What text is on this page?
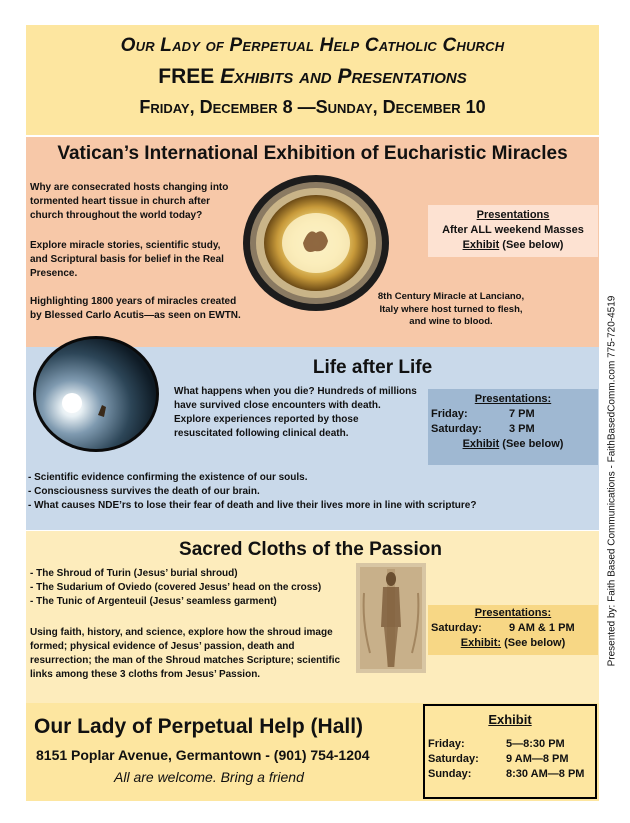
Our Lady of Perpetual Help Catholic Church
FREE Exhibits and Presentations
Friday, December 8 —Sunday, December 10
Vatican’s International Exhibition of Eucharistic Miracles
Why are consecrated hosts changing into tormented heart tissue in church after church throughout the world today?
Explore miracle stories, scientific study, and Scriptural basis for belief in the Real Presence.
Highlighting 1800 years of miracles created by Blessed Carlo Acutis—as seen on EWTN.
8th Century Miracle at Lanciano, Italy where host turned to flesh, and wine to blood.
Presentations
After ALL weekend Masses
Exhibit (See below)
Life after Life
What happens when you die? Hundreds of millions have survived close encounters with death. Explore experiences reported by those resuscitated following clinical death.
Presentations:
Friday:	7 PM
Saturday:	3 PM
Exhibit (See below)
- Scientific evidence confirming the existence of our souls.
- Consciousness survives the death of our brain.
- What causes NDE’rs to lose their fear of death and live their lives more in line with scripture?
Sacred Cloths of the Passion
- The Shroud of Turin (Jesus’ burial shroud)
- The Sudarium of Oviedo (covered Jesus’ head on the cross)
- The Tunic of Argenteuil (Jesus’ seamless garment)
Using faith, history, and science, explore how the shroud image formed; physical evidence of Jesus’ passion, death and resurrection; the man of the Shroud matches Scripture; scientific links among these 3 cloths from Jesus’ Passion.
Presentations:
Saturday:	9 AM & 1 PM
Exhibit: (See below)
Our Lady of Perpetual Help (Hall)
8151 Poplar Avenue, Germantown - (901) 754-1204
All are welcome. Bring a friend
Exhibit
Friday:	5—8:30 PM
Saturday:	9 AM—8 PM
Sunday:	8:30 AM—8 PM
Presented by: Faith Based Communications - FaithBasedComm.com 775-720-4519
